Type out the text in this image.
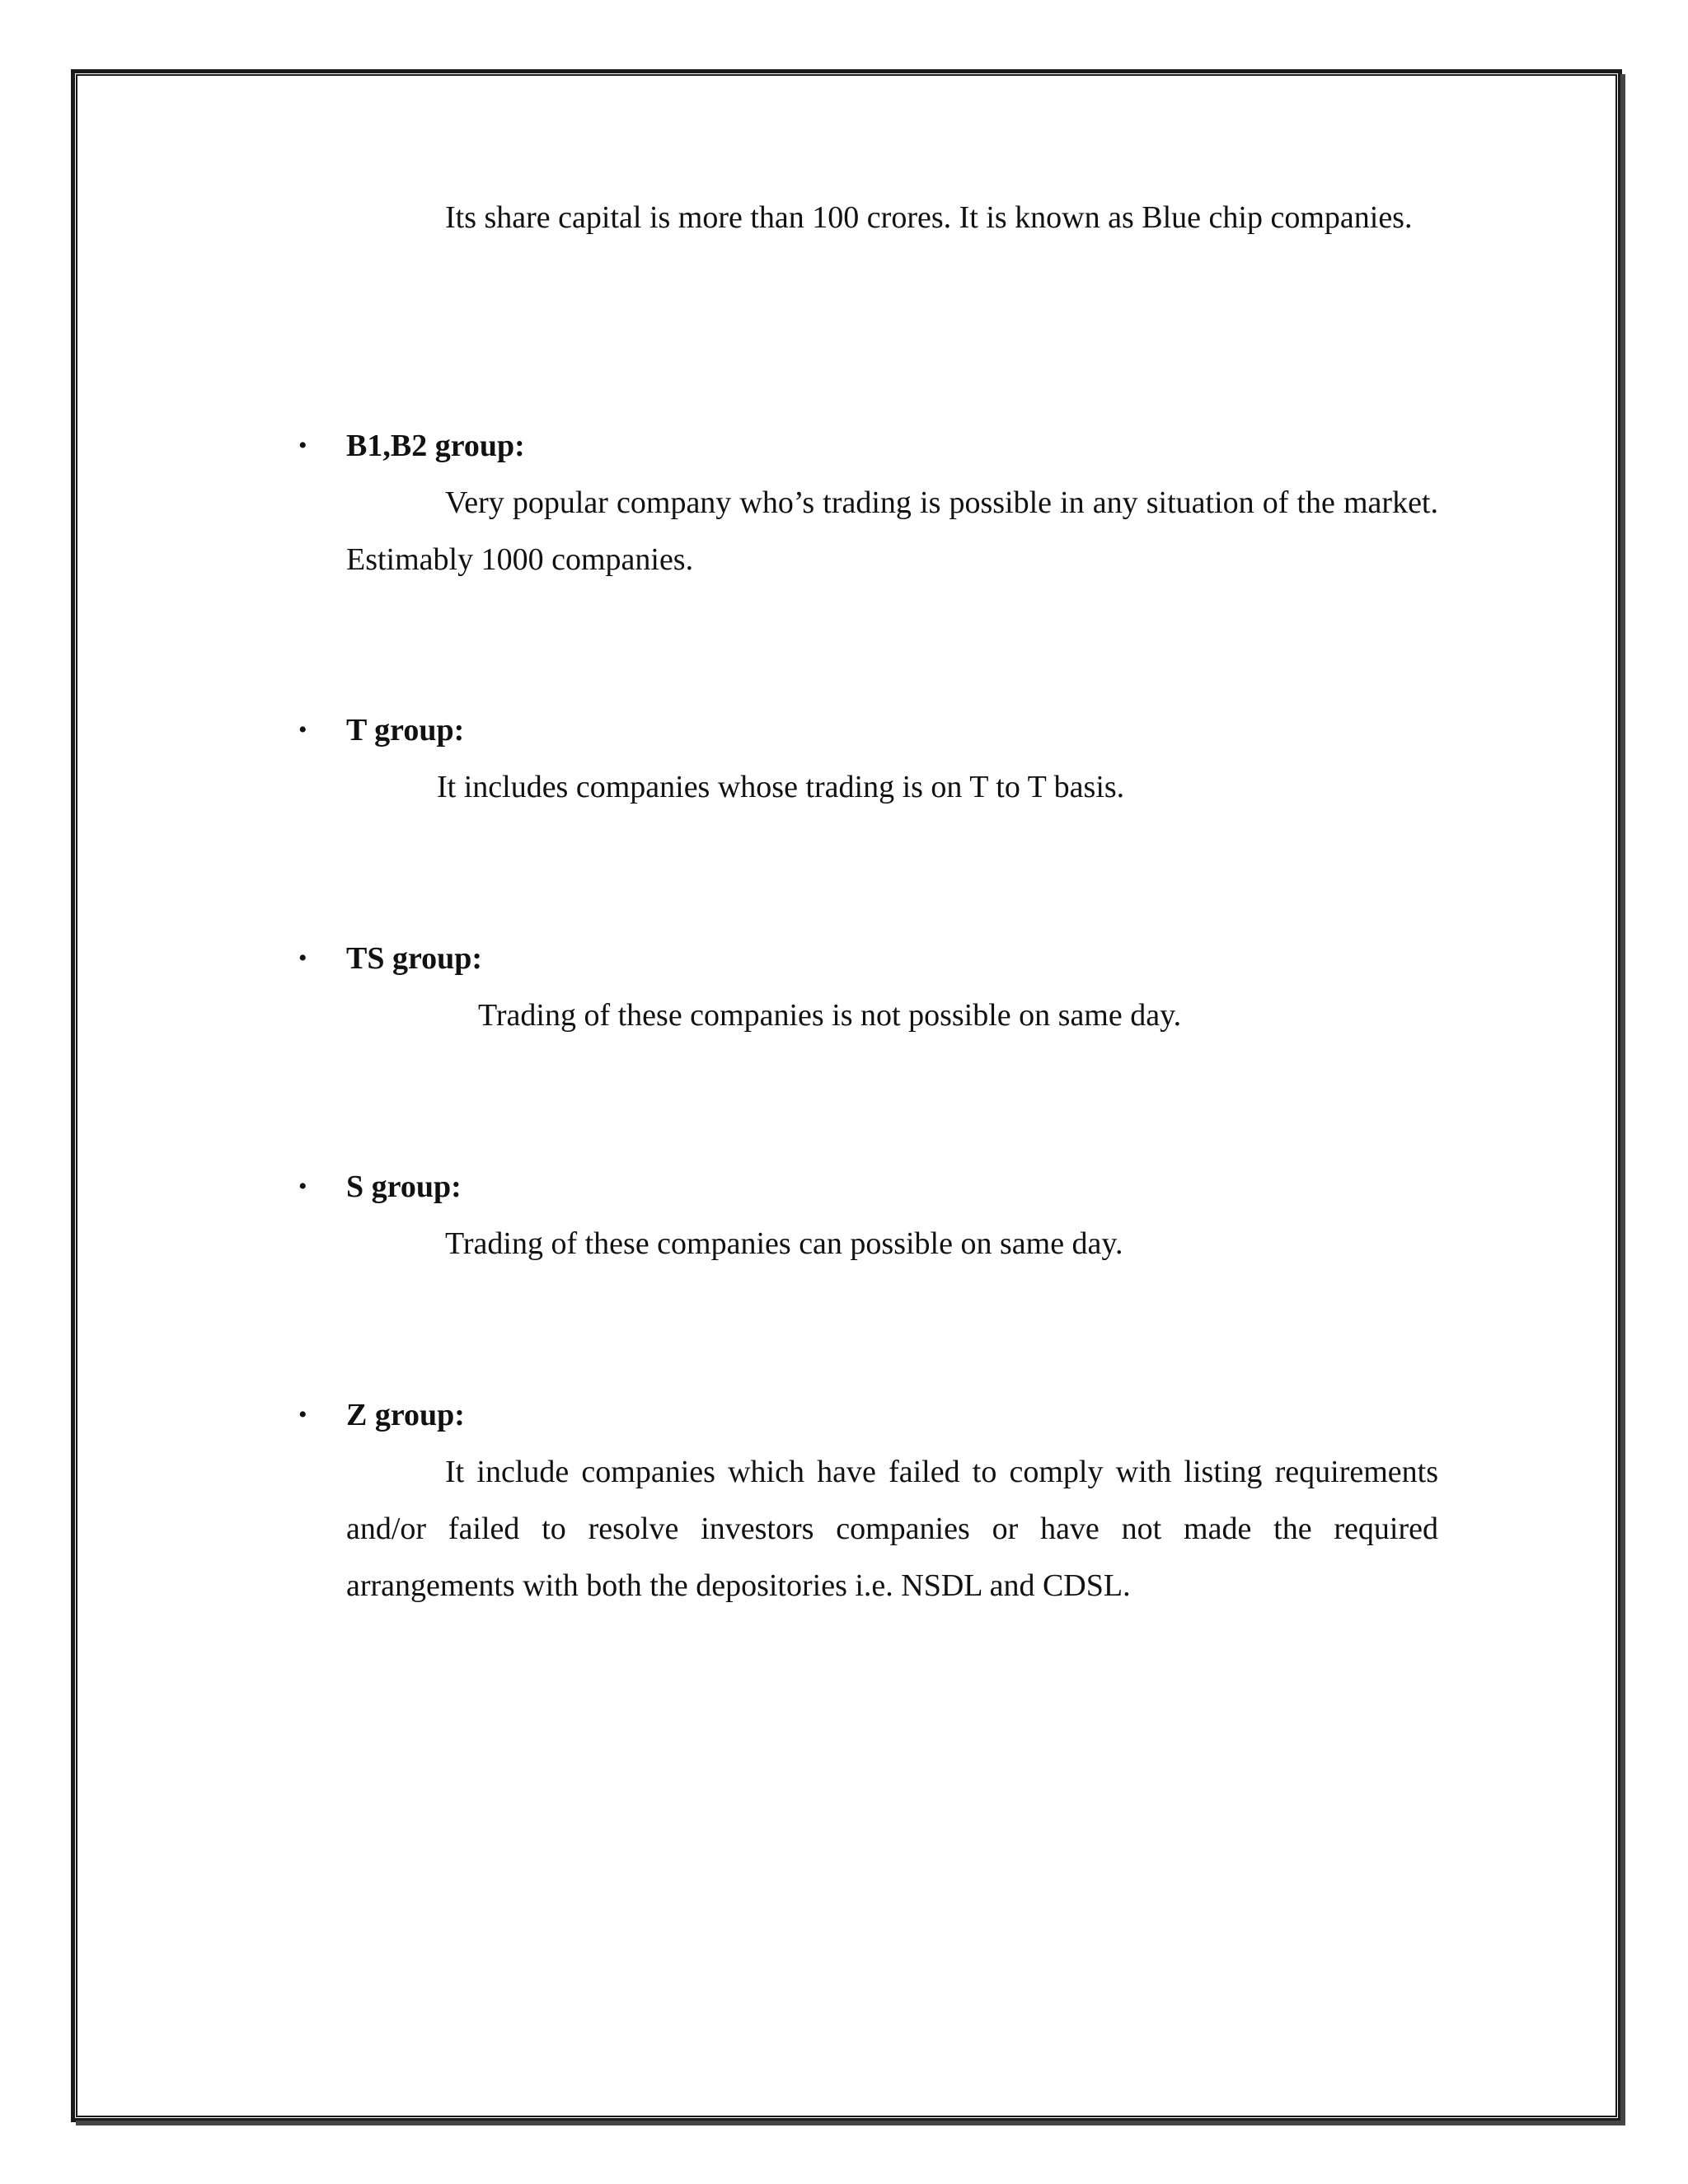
Its share capital is more than 100 crores. It is known as Blue chip companies.

•	B1,B2 group:

Very popular company who’s trading is possible in any situation of the market. Estimably 1000 companies.

•	T group:

It includes companies whose trading is on T to T basis.

•	TS group:

Trading of these companies is not possible on same day.

•	S group:

Trading of these companies can possible on same day.

•	Z group:

It include companies which have failed to comply with listing requirements and/or failed to resolve investors companies or have not made the required arrangements with both the depositories i.e. NSDL and CDSL.
